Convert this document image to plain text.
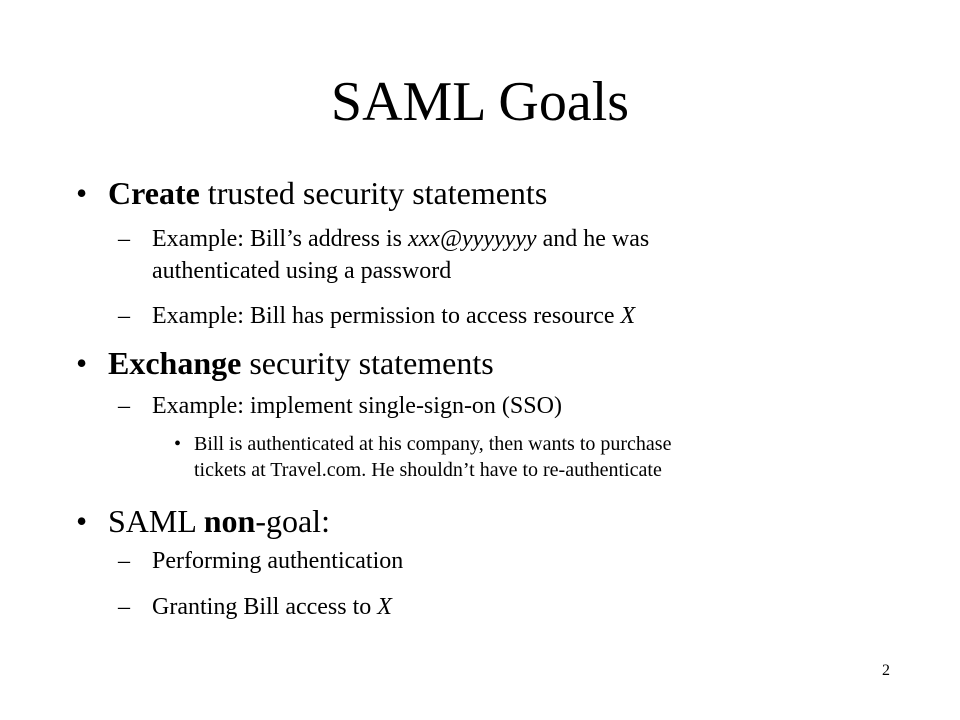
SAML Goals
• Create trusted security statements
– Example: Bill’s address is xxx@yyyyyyy and he was
authenticated using a password
– Example: Bill has permission to access resource X
• Exchange security statements
– Example: implement single-sign-on (SSO)
• Bill is authenticated at his company, then wants to purchase
tickets at Travel.com. He shouldn’t have to re-authenticate
• SAML non-goal:
– Performing authentication
– Granting Bill access to X
2
